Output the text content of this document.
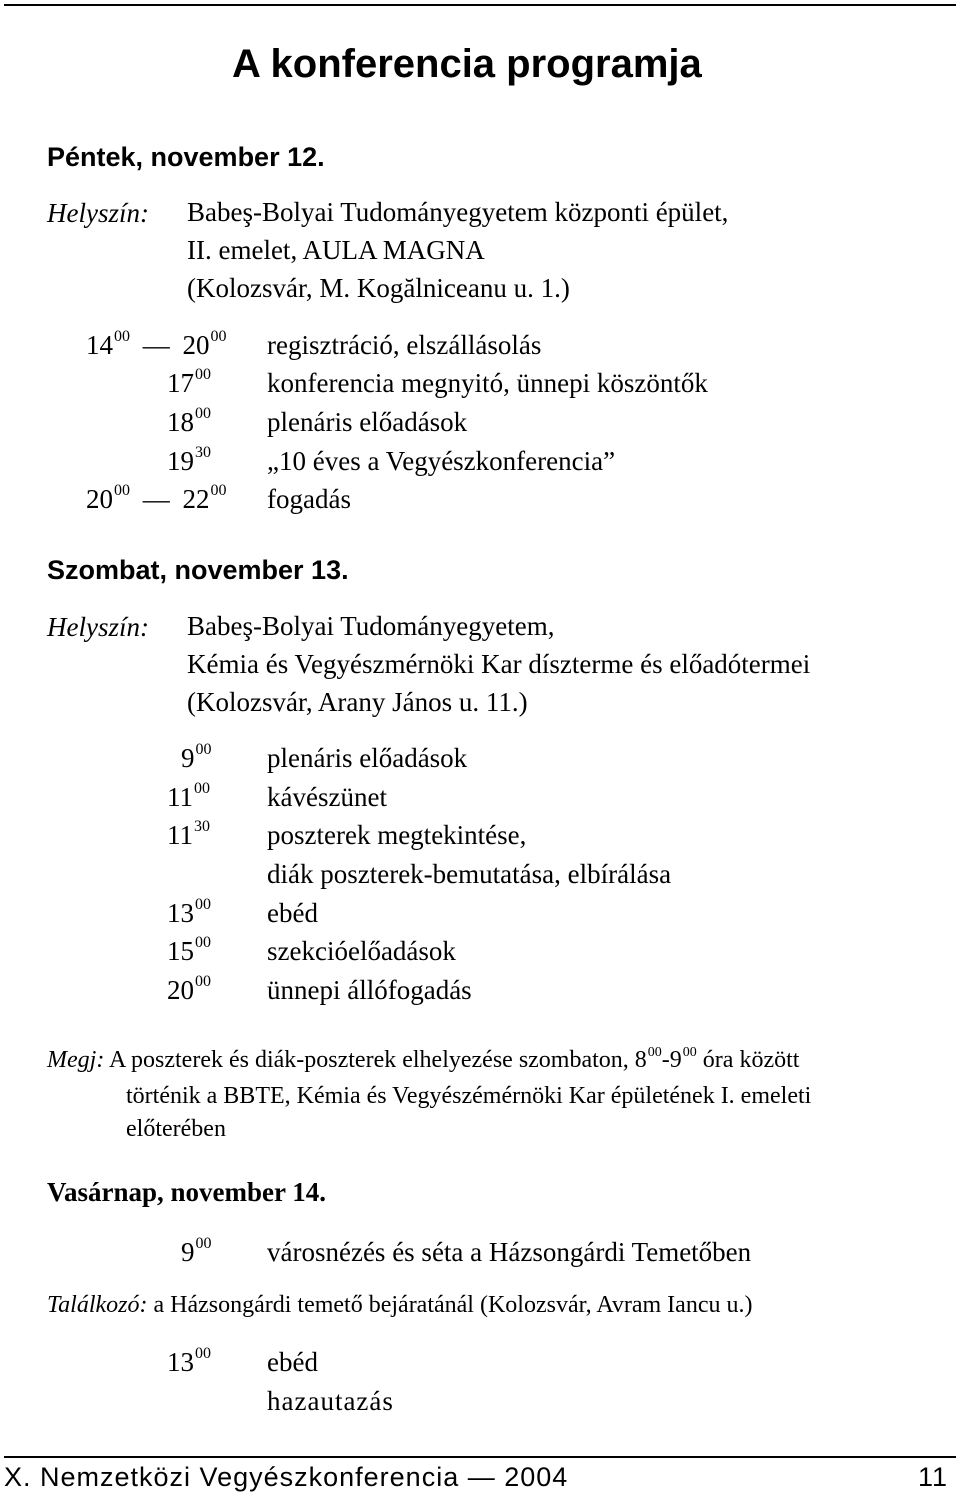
A konferencia programja
Péntek, november 12.
Helyszín: Babeş-Bolyai Tudományegyetem központi épület,
II. emelet, AULA MAGNA
(Kolozsvár, M. Kogălniceanu u. 1.)
$14^{00}$ — $20^{00}$ regisztráció, elszállásolás
$17^{00}$ konferencia megnyitó, ünnepi köszöntők
$18^{00}$ plenáris előadások
$19^{30}$ „10 éves a Vegyészkonferencia”
$20^{00}$ — $22^{00}$ fogadás
Szombat, november 13.
Helyszín: Babeş-Bolyai Tudományegyetem,
Kémia és Vegyészmérnöki Kar díszterme és előadótermei
(Kolozsvár, Arany János u. 11.)
$9^{00}$ plenáris előadások
$11^{00}$ kávészünet
$11^{30}$ poszterek megtekintése,
diák poszterek-bemutatása, elbírálása
$13^{00}$ ebéd
$15^{00}$ szekcióelőadások
$20^{00}$ ünnepi állófogadás
Megj: A poszterek és diák-poszterek elhelyezése szombaton, $8^{00}-9^{00}$ óra között
történik a BBTE, Kémia és Vegyészémérnöki Kar épületének I. emeleti
előterében
Vasárnap, november 14.
$9^{00}$ városnézés és séta a Házsongárdi Temetőben
Találkozó: a Házsongárdi temető bejáratánál (Kolozsvár, Avram Iancu u.)
$13^{00}$ ebéd
hazautazás
X. Nemzetközi Vegyészkonferencia — 2004	11
